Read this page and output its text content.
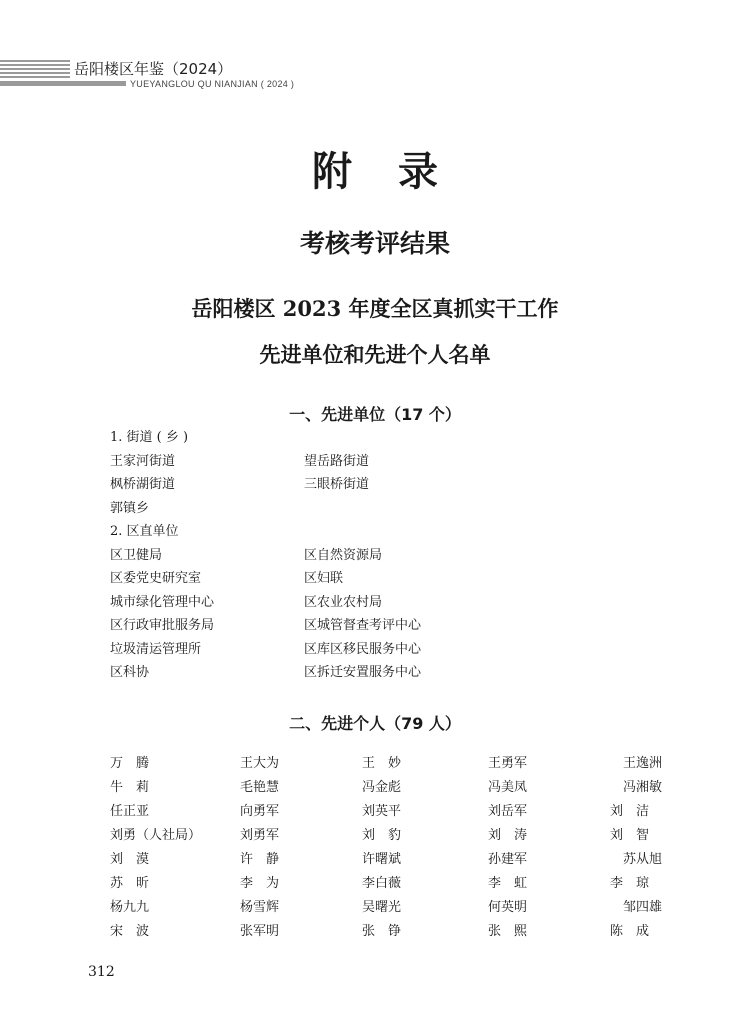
岳阳楼区年鉴（2024）
YUEYANGLOU QU NIANJIAN ( 2024 )
附录
考核考评结果
岳阳楼区 2023 年度全区真抓实干工作
先进单位和先进个人名单
一、先进单位（17 个）
1. 街道 ( 乡 )
王家河街道	望岳路街道
枫桥湖街道	三眼桥街道
郭镇乡
2. 区直单位
区卫健局	区自然资源局
区委党史研究室	区妇联
城市绿化管理中心	区农业农村局
区行政审批服务局	区城管督查考评中心
垃圾清运管理所	区库区移民服务中心
区科协	区拆迁安置服务中心
二、先进个人（79 人）
万腾	王大为	王妙	王勇军	王逸洲
牛莉	毛艳慧	冯金彪	冯美凤	冯湘敏
任正亚	向勇军	刘英平	刘岳军	刘洁
刘勇（人社局）	刘勇军	刘豹	刘涛	刘智
刘漠	许静	许曙斌	孙建军	苏从旭
苏昕	李为	李白薇	李虹	李琼
杨九九	杨雪辉	吴曙光	何英明	邹四雄
宋波	张军明	张铮	张熙	陈成
312
